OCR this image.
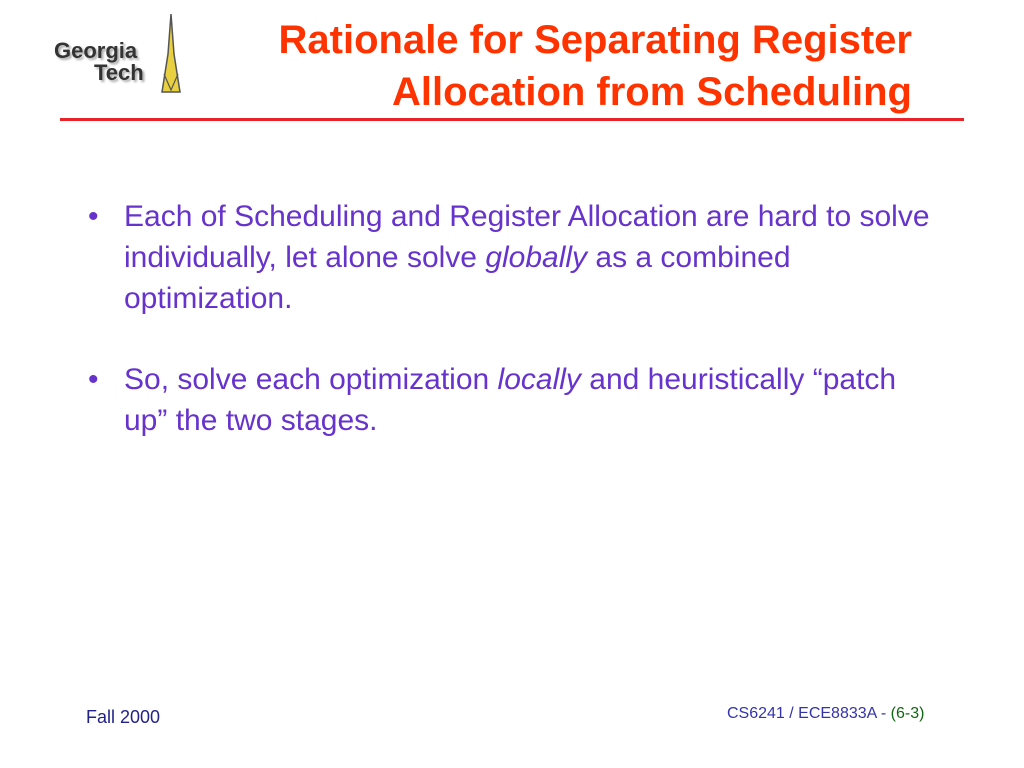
Georgia
Tech
Rationale for Separating Register
Allocation from Scheduling
• Each of Scheduling and Register Allocation are hard to solve individually, let alone solve globally as a combined optimization.
• So, solve each optimization locally and heuristically “patch up” the two stages.
Fall 2000	CS6241 / ECE8833A - (6-3)
